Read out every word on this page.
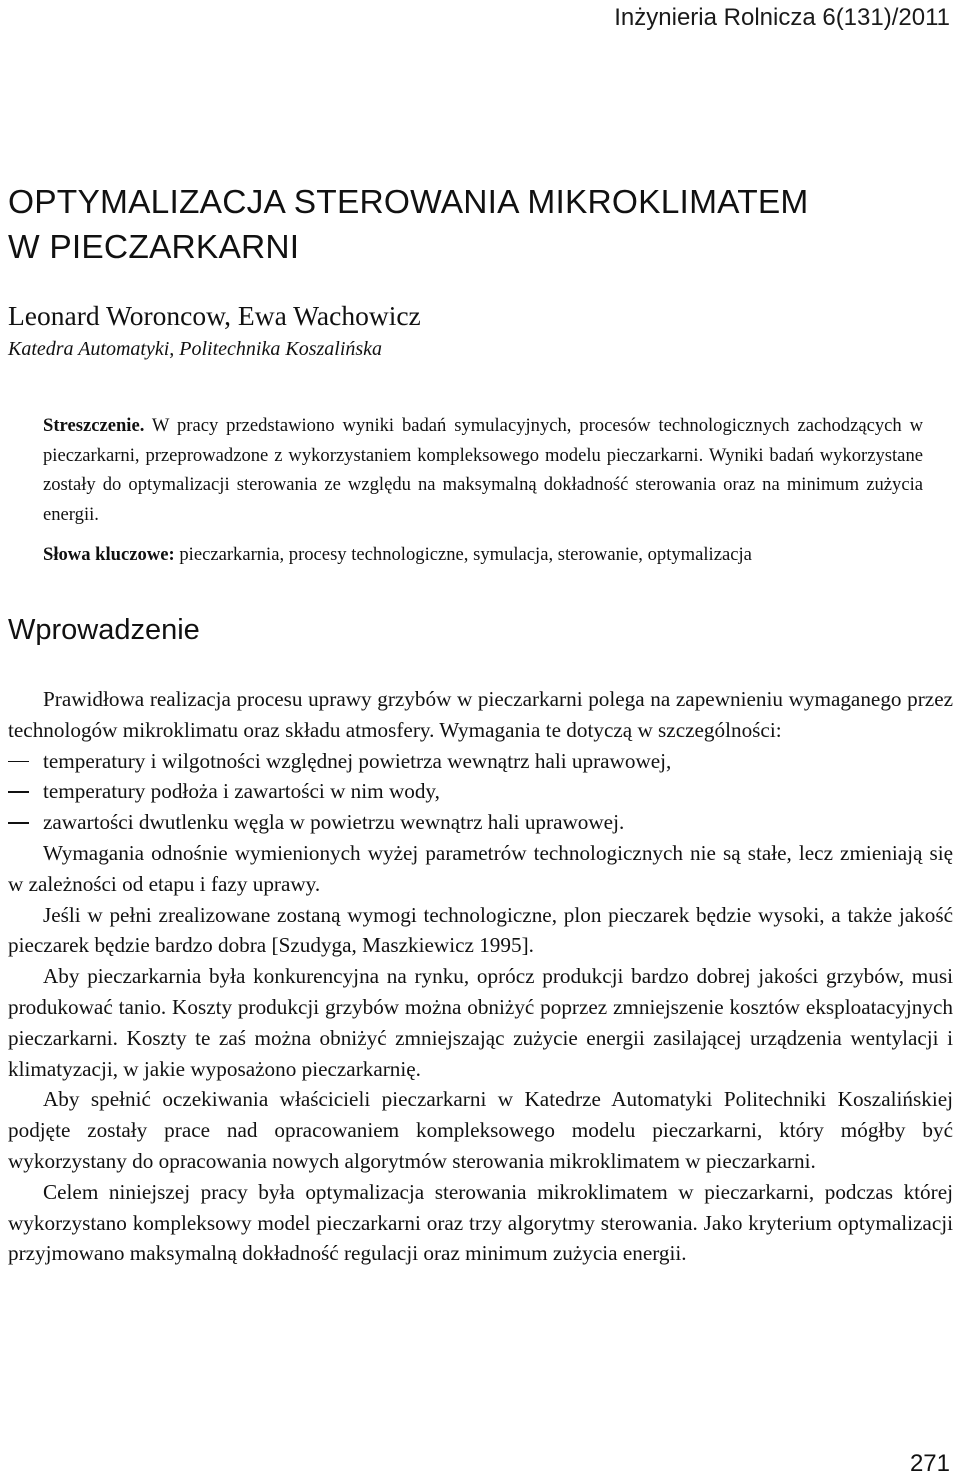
Inżynieria Rolnicza 6(131)/2011
OPTYMALIZACJA STEROWANIA MIKROKLIMATEM
W PIECZARKARNI
Leonard Woroncow, Ewa Wachowicz
Katedra Automatyki, Politechnika Koszalińska
Streszczenie. W pracy przedstawiono wyniki badań symulacyjnych, procesów technologicznych zachodzących w pieczarkarni, przeprowadzone z wykorzystaniem kompleksowego modelu pieczarkarni. Wyniki badań wykorzystane zostały do optymalizacji sterowania ze względu na maksymalną dokładność sterowania oraz na minimum zużycia energii.
Słowa kluczowe: pieczarkarnia, procesy technologiczne, symulacja, sterowanie, optymalizacja
Wprowadzenie

Prawidłowa realizacja procesu uprawy grzybów w pieczarkarni polega na zapewnieniu wymaganego przez technologów mikroklimatu oraz składu atmosfery. Wymagania te dotyczą w szczególności:

temperatury i wilgotności względnej powietrza wewnątrz hali uprawowej,
temperatury podłoża i zawartości w nim wody,
zawartości dwutlenku węgla w powietrzu wewnątrz hali uprawowej.

Wymagania odnośnie wymienionych wyżej parametrów technologicznych nie są stałe, lecz zmieniają się w zależności od etapu i fazy uprawy.

Jeśli w pełni zrealizowane zostaną wymogi technologiczne, plon pieczarek będzie wysoki, a także jakość pieczarek będzie bardzo dobra [Szudyga, Maszkiewicz 1995].

Aby pieczarkarnia była konkurencyjna na rynku, oprócz produkcji bardzo dobrej jakości grzybów, musi produkować tanio. Koszty produkcji grzybów można obniżyć poprzez zmniejszenie kosztów eksploatacyjnych pieczarkarni. Koszty te zaś można obniżyć zmniejszając zużycie energii zasilającej urządzenia wentylacji i klimatyzacji, w jakie wyposażono pieczarkarnię.

Aby spełnić oczekiwania właścicieli pieczarkarni w Katedrze Automatyki Politechniki Koszalińskiej podjęte zostały prace nad opracowaniem kompleksowego modelu pieczarkarni, który mógłby być wykorzystany do opracowania nowych algorytmów sterowania mikroklimatem w pieczarkarni.

Celem niniejszej pracy była optymalizacja sterowania mikroklimatem w pieczarkarni, podczas której wykorzystano kompleksowy model pieczarkarni oraz trzy algorytmy sterowania. Jako kryterium optymalizacji przyjmowano maksymalną dokładność regulacji oraz minimum zużycia energii.

271
